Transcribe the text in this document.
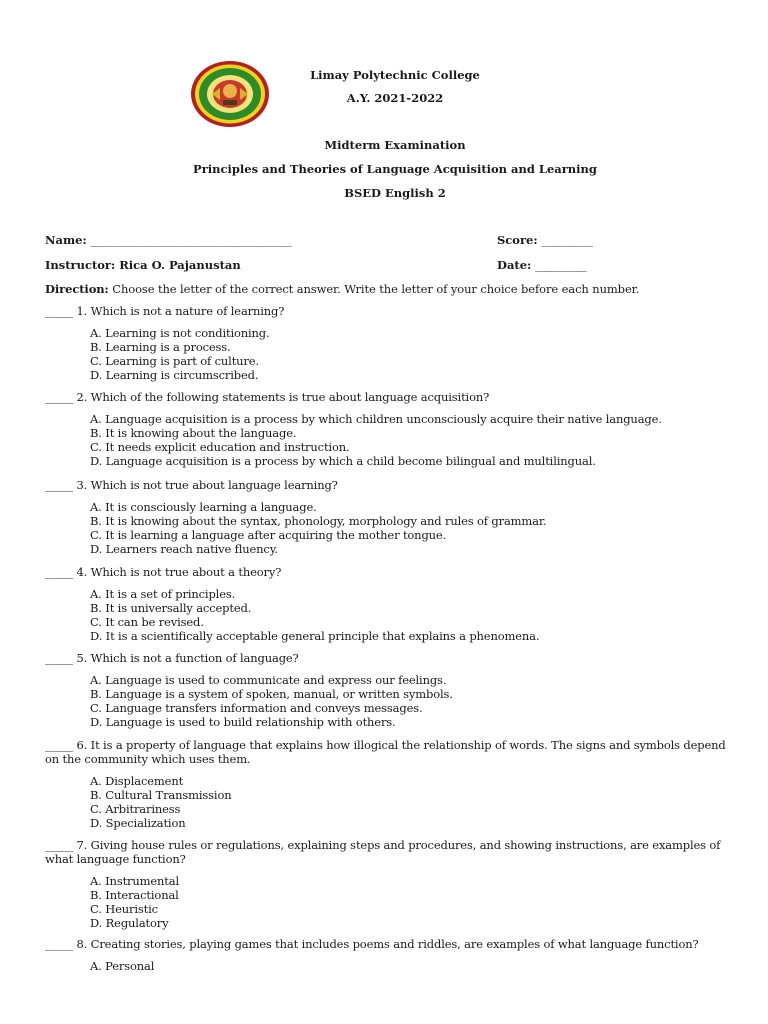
Limay Polytechnic College
A.Y. 2021-2022
Midterm Examination
Principles and Theories of Language Acquisition and Learning
BSED English 2
Name: ___________________________________	Score: _________
Instructor: Rica O. Pajanustan	Date: _________
Direction: Choose the letter of the correct answer. Write the letter of your choice before each number.
_____ 1. Which is not a nature of learning?
A. Learning is not conditioning.
B. Learning is a process.
C. Learning is part of culture.
D. Learning is circumscribed.
_____ 2. Which of the following statements is true about language acquisition?
A. Language acquisition is a process by which children unconsciously acquire their native language.
B. It is knowing about the language.
C. It needs explicit education and instruction.
D. Language acquisition is a process by which a child become bilingual and multilingual.
_____ 3. Which is not true about language learning?
A. It is consciously learning a language.
B. It is knowing about the syntax, phonology, morphology and rules of grammar.
C. It is learning a language after acquiring the mother tongue.
D. Learners reach native fluency.
_____ 4. Which is not true about a theory?
A. It is a set of principles.
B. It is universally accepted.
C. It can be revised.
D. It is a scientifically acceptable general principle that explains a phenomena.
_____ 5. Which is not a function of language?
A. Language is used to communicate and express our feelings.
B. Language is a system of spoken, manual, or written symbols.
C. Language transfers information and conveys messages.
D. Language is used to build relationship with others.
_____ 6. It is a property of language that explains how illogical the relationship of words. The signs and symbols depend on the community which uses them.
A. Displacement
B. Cultural Transmission
C. Arbitrariness
D. Specialization
_____ 7. Giving house rules or regulations, explaining steps and procedures, and showing instructions, are examples of what language function?
A. Instrumental
B. Interactional
C. Heuristic
D. Regulatory
_____ 8. Creating stories, playing games that includes poems and riddles, are examples of what language function?
A. Personal
